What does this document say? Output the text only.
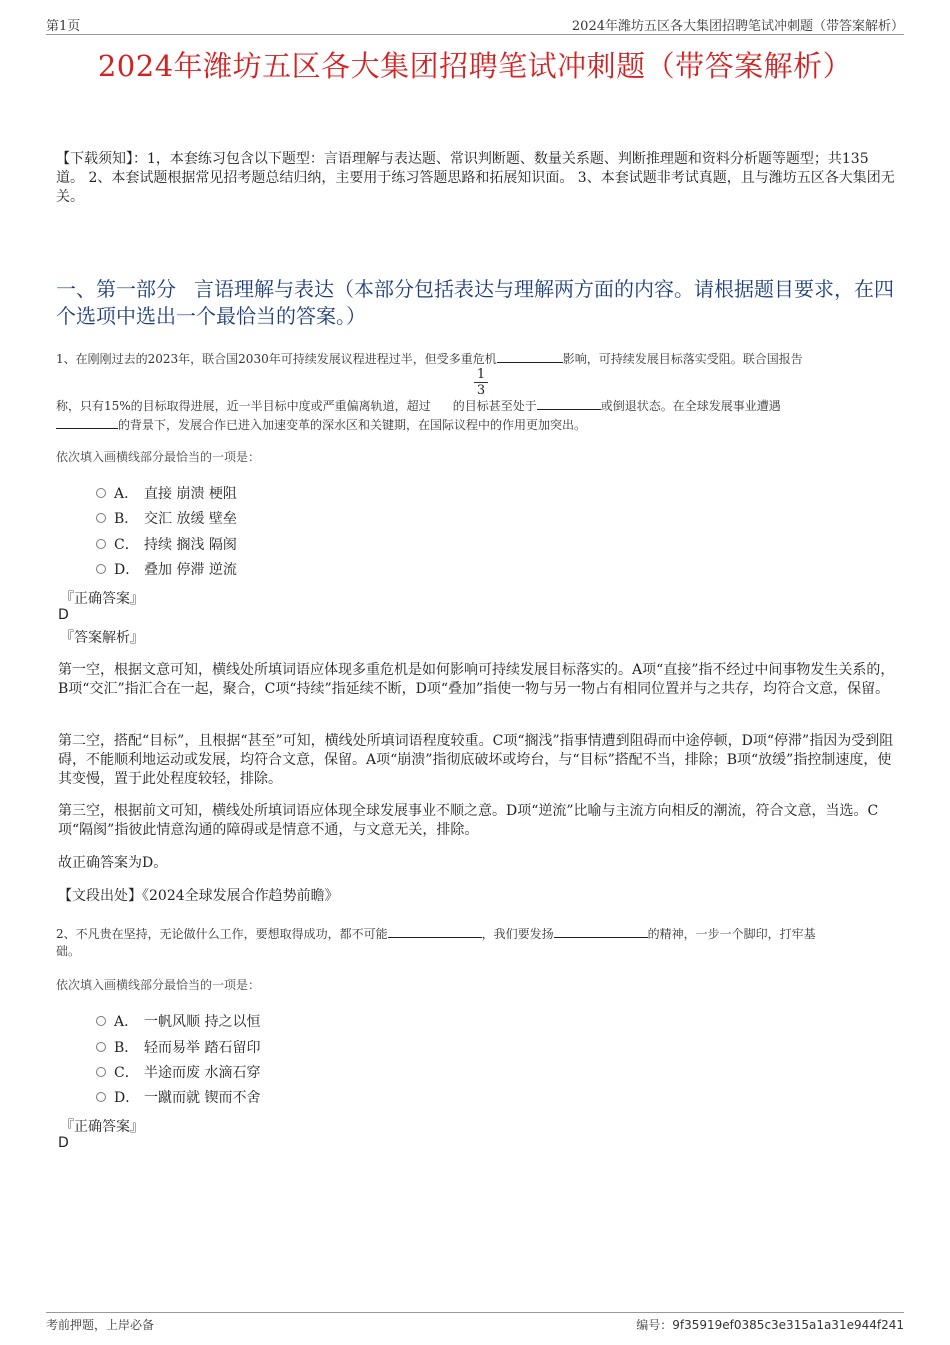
第1页	2024年潍坊五区各大集团招聘笔试冲刺题（带答案解析）
2024年潍坊五区各大集团招聘笔试冲刺题（带答案解析）
【下载须知】：1，本套练习包含以下题型：言语理解与表达题、常识判断题、数量关系题、判断推理题和资料分析题等题型；共135道。 2、本套试题根据常见招考题总结归纳，主要用于练习答题思路和拓展知识面。 3、本套试题非考试真题，且与潍坊五区各大集团无关。
一、第一部分 言语理解与表达（本部分包括表达与理解两方面的内容。请根据题目要求，在四个选项中选出一个最恰当的答案。）
1、在刚刚过去的2023年，联合国2030年可持续发展议程进程过半，但受多重危机	影响，可持续发展目标落实受阻。联合国报告
$\frac{1}{3}$
称，只有15%的目标取得进展，近一半目标中度或严重偏离轨道，超过 的目标甚至处于	或倒退状态。在全球发展事业遭遇
的背景下，发展合作已进入加速变革的深水区和关键期，在国际议程中的作用更加突出。
依次填入画横线部分最恰当的一项是：
A． 直接 崩溃 梗阻
B． 交汇 放缓 壁垒
C． 持续 搁浅 隔阂
D． 叠加 停滞 逆流
『正确答案』
D
『答案解析』
第一空，根据文意可知，横线处所填词语应体现多重危机是如何影响可持续发展目标落实的。A项“直接”指不经过中间事物发生关系的，B项“交汇”指汇合在一起，聚合，C项“持续”指延续不断，D项“叠加”指使一物与另一物占有相同位置并与之共存，均符合文意，保留。
第二空，搭配“目标”，且根据“甚至”可知，横线处所填词语程度较重。C项“搁浅”指事情遭到阻碍而中途停顿，D项“停滞”指因为受到阻碍，不能顺利地运动或发展，均符合文意，保留。A项“崩溃”指彻底破坏或垮台，与“目标”搭配不当，排除；B项“放缓”指控制速度，使其变慢，置于此处程度较轻，排除。
第三空，根据前文可知，横线处所填词语应体现全球发展事业不顺之意。D项“逆流”比喻与主流方向相反的潮流，符合文意，当选。C项“隔阂”指彼此情意沟通的障碍或是情意不通，与文意无关，排除。
故正确答案为D。
【文段出处】《2024全球发展合作趋势前瞻》
2、不凡贵在坚持，无论做什么工作，要想取得成功，都不可能	，我们要发扬	的精神，一步一个脚印，打牢基
础。
依次填入画横线部分最恰当的一项是：
A． 一帆风顺 持之以恒
B． 轻而易举 踏石留印
C． 半途而废 水滴石穿
D． 一蹴而就 锲而不舍
『正确答案』
D
考前押题，上岸必备	编号：9f35919ef0385c3e315a1a31e944f241
